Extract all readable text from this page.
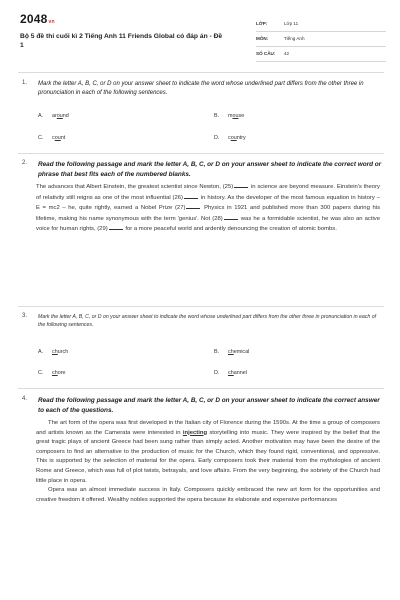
2048vn
Bộ 5 đề thi cuối kì 2 Tiếng Anh 11 Friends Global có đáp án - Đề 1
LỚP:	Lớp 11
MÔN:	Tiếng Anh
SỐ CÂU: 42
1. Mark the letter A, B, C, or D on your answer sheet to indicate the word whose underlined part differs from the other three in pronunciation in each of the following sentences.
A. around	B. mouse
C. count	D. country
2. Read the following passage and mark the letter A, B, C, or D on your answer sheet to indicate the correct word or phrase that best fits each of the numbered blanks.

The advances that Albert Einstein, the greatest scientist since Newton, (25)	in science are beyond measure. Einstein's theory of relativity still reigns as one of the most influential (26)	in history. As the developer of the most famous equation in history – E = mc2 – he, quite rightly, earned a Nobel Prize (27)	Physics in 1921 and published more than 300 papers during his lifetime, making his name synonymous with the term 'genius'. Not (28)	was he a formidable scientist, he was also an active voice for human rights, (29)	for a more peaceful world and ardently denouncing the creation of atomic bombs.

3. Mark the letter A, B, C, or D on your answer sheet to indicate the word whose underlined part differs from the other three in pronunciation in each of the following sentences.
A. church	B. chemical
C. chore	D. channel
4. Read the following passage and mark the letter A, B, C, or D on your answer sheet to indicate the correct answer to each of the questions.

The art form of the opera was first developed in the Italian city of Florence during the 1590s. At the time a group of composers and artists known as the Camerata were interested in injecting storytelling into music. They were inspired by the belief that the great tragic plays of ancient Greece had been sung rather than simply acted. Another motivation may have been the desire of the composers to find an alternative to the production of music for the Church, which they found rigid, conventional, and oppressive. This is supported by the selection of material for the opera. Early composers took their material from the mythologies of ancient Rome and Greece, which was full of plot twists, betrayals, and love affairs. From the very beginning, the sobriety of the Church had little place in opera.

Opera was an almost immediate success in Italy. Composers quickly embraced the new art form for the opportunities and creative freedom it offered. Wealthy nobles supported the opera because its elaborate and expensive performances
